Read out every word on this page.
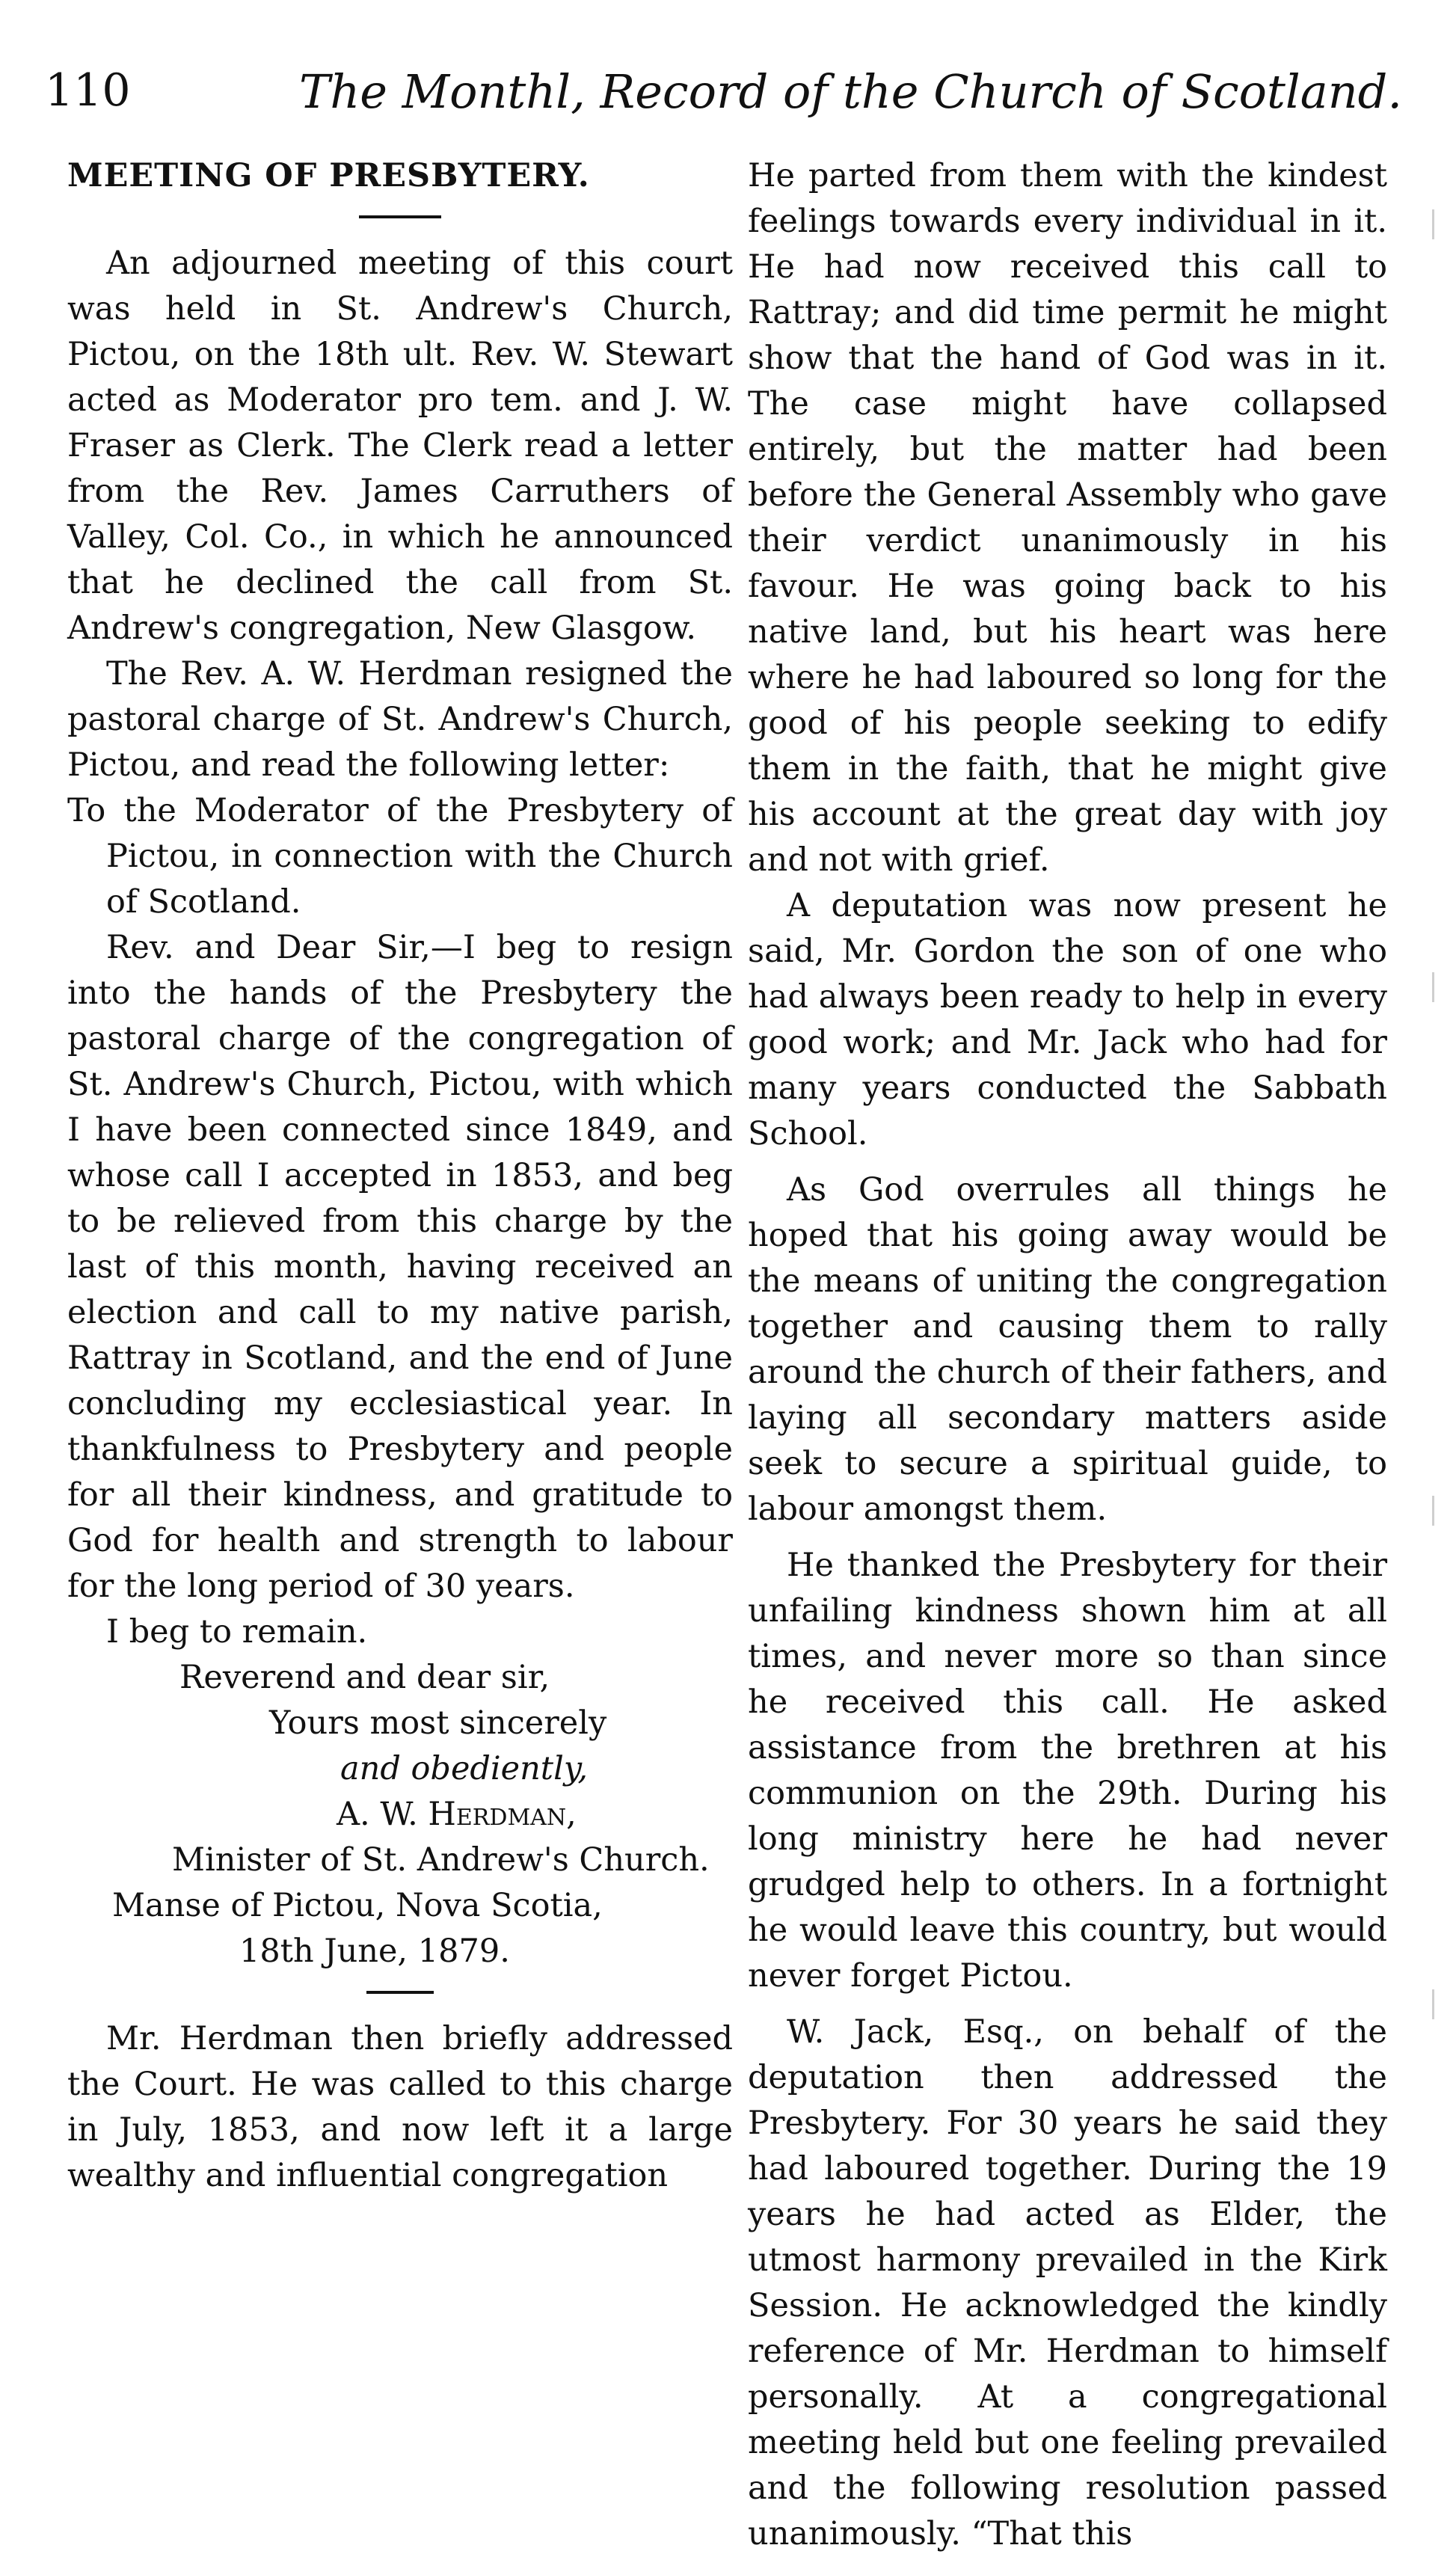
110	The Monthl, Record of the Church of Scotland.

MEETING OF PRESBYTERY.

An adjourned meeting of this court was held in St. Andrew's Church, Pictou, on the 18th ult. Rev. W. Stewart acted as Moderator pro tem. and J. W. Fraser as Clerk. The Clerk read a letter from the Rev. James Carruthers of Valley, Col. Co., in which he announced that he declined the call from St. Andrew's congregation, New Glasgow.

The Rev. A. W. Herdman resigned the pastoral charge of St. Andrew's Church, Pictou, and read the following letter:

To the Moderator of the Presbytery of Pictou, in connection with the Church of Scotland.

Rev. and Dear Sir,—I beg to resign into the hands of the Presbytery the pastoral charge of the congregation of St. Andrew's Church, Pictou, with which I have been connected since 1849, and whose call I accepted in 1853, and beg to be relieved from this charge by the last of this month, having received an election and call to my native parish, Rattray in Scotland, and the end of June concluding my ecclesiastical year. In thankfulness to Presbytery and people for all their kindness, and gratitude to God for health and strength to labour for the long period of 30 years.

I beg to remain.

Reverend and dear sir,

Yours most sincerely

and obediently,

A. W. Herdman,

Minister of St. Andrew's Church.

Manse of Pictou, Nova Scotia,

18th June, 1879.

Mr. Herdman then briefly addressed the Court. He was called to this charge in July, 1853, and now left it a large wealthy and influential congregation

He parted from them with the kindest feelings towards every individual in it. He had now received this call to Rattray; and did time permit he might show that the hand of God was in it. The case might have collapsed entirely, but the matter had been before the General Assembly who gave their verdict unanimously in his favour. He was going back to his native land, but his heart was here where he had laboured so long for the good of his people seeking to edify them in the faith, that he might give his account at the great day with joy and not with grief.

A deputation was now present he said, Mr. Gordon the son of one who had always been ready to help in every good work; and Mr. Jack who had for many years conducted the Sabbath School.

As God overrules all things he hoped that his going away would be the means of uniting the congregation together and causing them to rally around the church of their fathers, and laying all secondary matters aside seek to secure a spiritual guide, to labour amongst them.

He thanked the Presbytery for their unfailing kindness shown him at all times, and never more so than since he received this call. He asked assistance from the brethren at his communion on the 29th. During his long ministry here he had never grudged help to others. In a fortnight he would leave this country, but would never forget Pictou.

W. Jack, Esq., on behalf of the deputation then addressed the Presbytery. For 30 years he said they had laboured together. During the 19 years he had acted as Elder, the utmost harmony prevailed in the Kirk Session. He acknowledged the kindly reference of Mr. Herdman to himself personally. At a congregational meeting held but one feeling prevailed and the following resolution passed unanimously. “That this
